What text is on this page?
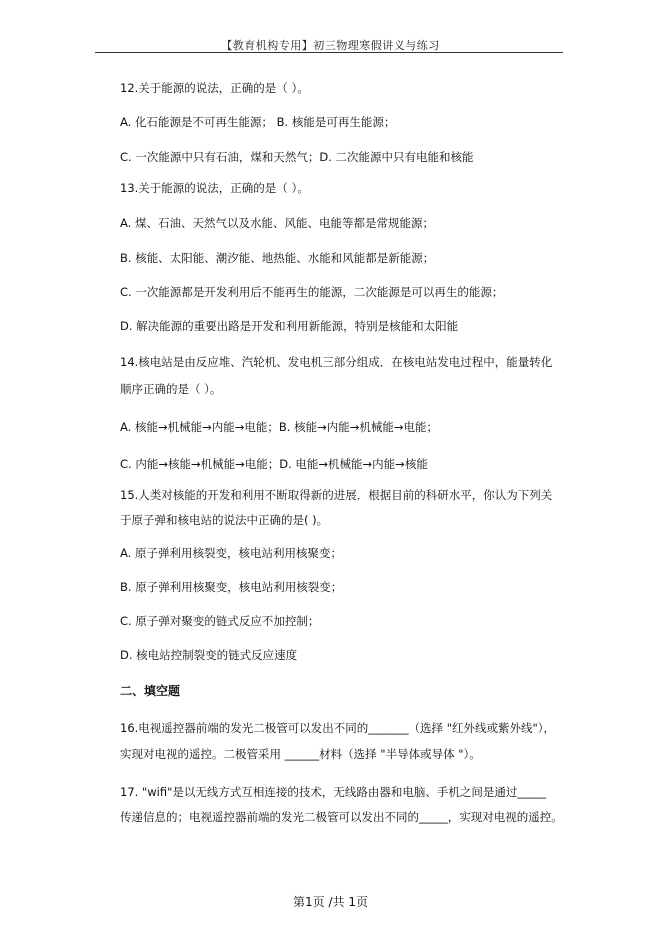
【教育机构专用】初三物理寒假讲义与练习
12.关于能源的说法，正确的是（ ）。
A. 化石能源是不可再生能源； B. 核能是可再生能源；
C. 一次能源中只有石油，煤和天然气；D. 二次能源中只有电能和核能
13.关于能源的说法，正确的是（ ）。
A. 煤、石油、天然气以及水能、风能、电能等都是常规能源；
B. 核能、太阳能、潮汐能、地热能、水能和风能都是新能源；
C. 一次能源都是开发利用后不能再生的能源，二次能源是可以再生的能源；
D. 解决能源的重要出路是开发和利用新能源，特别是核能和太阳能
14.核电站是由反应堆、汽轮机、发电机三部分组成．在核电站发电过程中，能量转化
顺序正确的是（ ）。
A. 核能→机械能→内能→电能；B. 核能→内能→机械能→电能；
C. 内能→核能→机械能→电能；D. 电能→机械能→内能→核能
15.人类对核能的开发和利用不断取得新的进展．根据目前的科研水平，你认为下列关
于原子弹和核电站的说法中正确的是( )。
A. 原子弹利用核裂变，核电站利用核聚变；
B. 原子弹利用核聚变，核电站利用核裂变；
C. 原子弹对聚变的链式反应不加控制；
D. 核电站控制裂变的链式反应速度
二、填空题
16.电视遥控器前端的发光二极管可以发出不同的_______（选择 "红外线或紫外线"），
实现对电视的遥控。二极管采用 ______材料（选择 "半导体或导体 "）。
17. "wifi"是以无线方式互相连接的技术，无线路由器和电脑、手机之间是通过_____
传递信息的；电视遥控器前端的发光二极管可以发出不同的_____，实现对电视的遥控。
第1页 /共 1页
